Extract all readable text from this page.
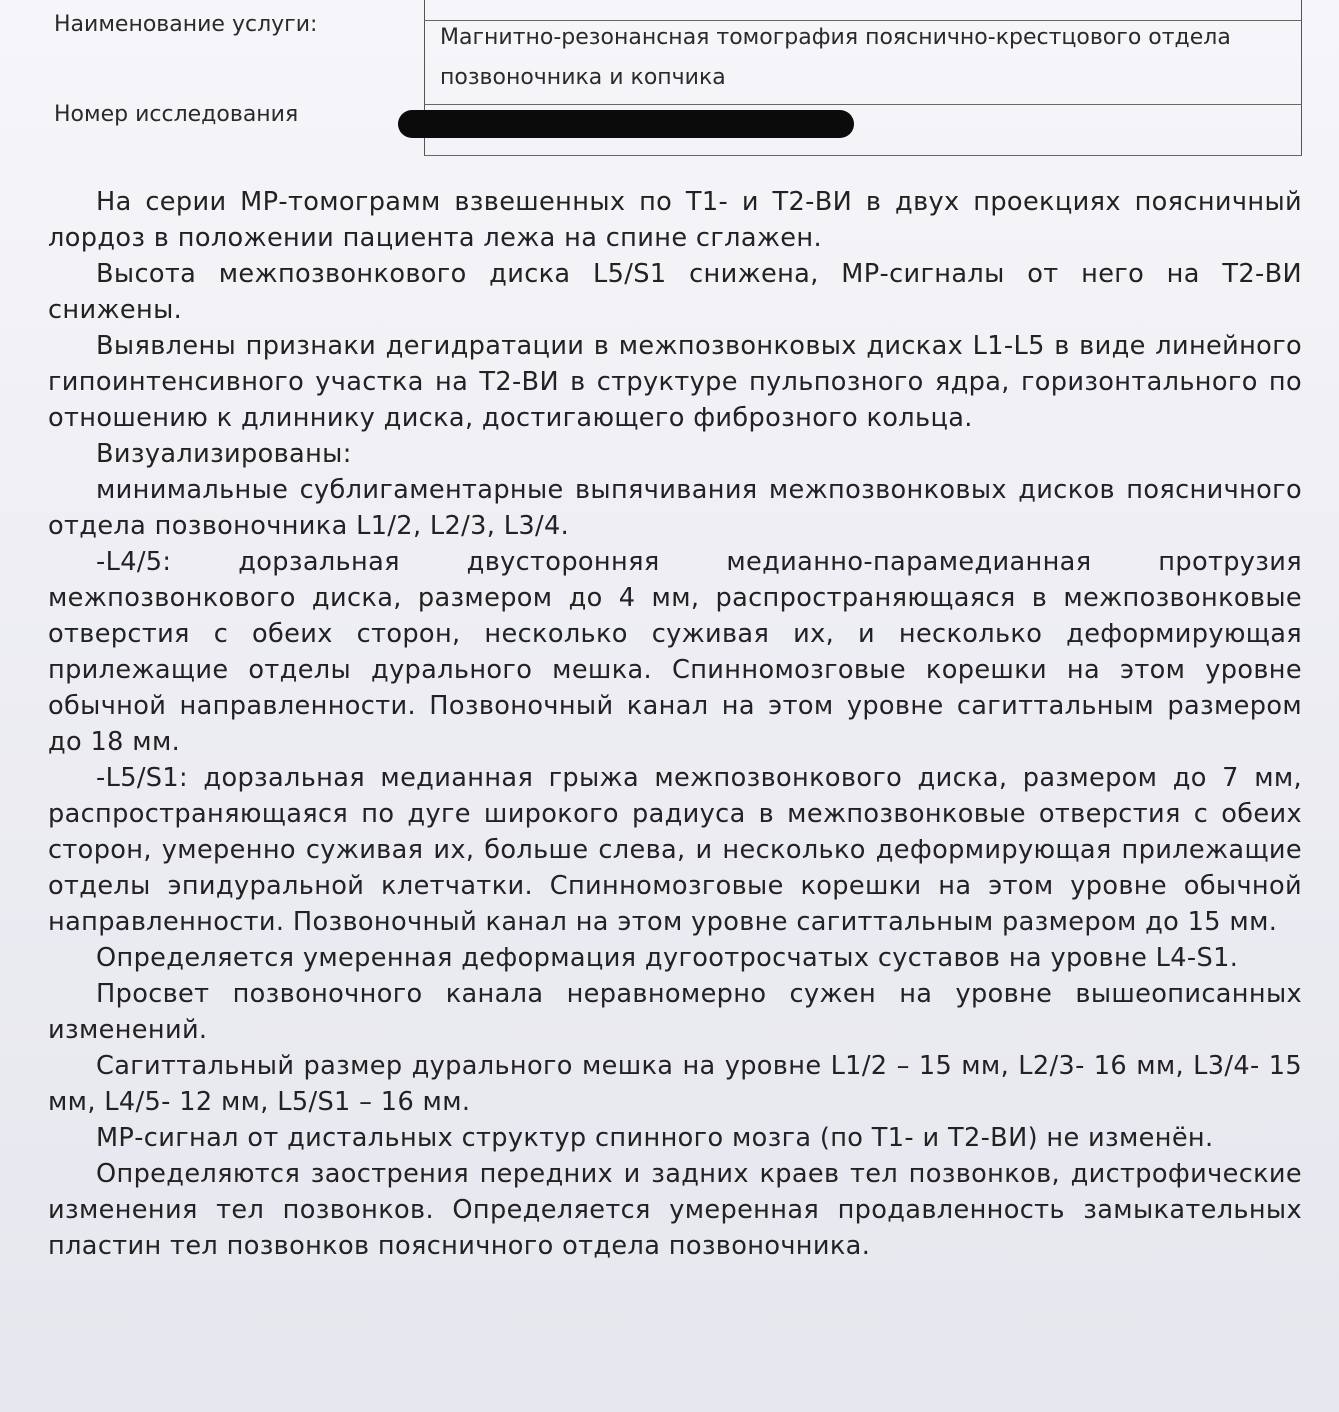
Наименование услуги:

Номер исследования

Магнитно-резонансная томография пояснично-крестцового отдела позвоночника и копчика

На серии МР-томограмм взвешенных по Т1- и Т2-ВИ в двух проекциях поясничный лордоз в положении пациента лежа на спине сглажен.

Высота межпозвонкового диска L5/S1 снижена, МР-сигналы от него на Т2-ВИ снижены.

Выявлены признаки дегидратации в межпозвонковых дисках L1-L5 в виде линейного гипоинтенсивного участка на Т2-ВИ в структуре пульпозного ядра, горизонтального по отношению к длиннику диска, достигающего фиброзного кольца.

Визуализированы:

минимальные сублигаментарные выпячивания межпозвонковых дисков поясничного отдела позвоночника L1/2, L2/3, L3/4.

-L4/5: дорзальная двусторонняя медианно-парамедианная протрузия межпозвонкового диска, размером до 4 мм, распространяющаяся в межпозвонковые отверстия с обеих сторон, несколько суживая их, и несколько деформирующая прилежащие отделы дурального мешка. Спинномозговые корешки на этом уровне обычной направленности. Позвоночный канал на этом уровне сагиттальным размером до 18 мм.

-L5/S1: дорзальная медианная грыжа межпозвонкового диска, размером до 7 мм, распространяющаяся по дуге широкого радиуса в межпозвонковые отверстия с обеих сторон, умеренно суживая их, больше слева, и несколько деформирующая прилежащие отделы эпидуральной клетчатки. Спинномозговые корешки на этом уровне обычной направленности. Позвоночный канал на этом уровне сагиттальным размером до 15 мм.

Определяется умеренная деформация дугоотросчатых суставов на уровне L4-S1.

Просвет позвоночного канала неравномерно сужен на уровне вышеописанных изменений.

Сагиттальный размер дурального мешка на уровне L1/2 – 15 мм, L2/3- 16 мм, L3/4- 15 мм, L4/5- 12 мм, L5/S1 – 16 мм.

МР-сигнал от дистальных структур спинного мозга (по Т1- и Т2-ВИ) не изменён.

Определяются заострения передних и задних краев тел позвонков, дистрофические изменения тел позвонков. Определяется умеренная продавленность замыкательных пластин тел позвонков поясничного отдела позвоночника.
